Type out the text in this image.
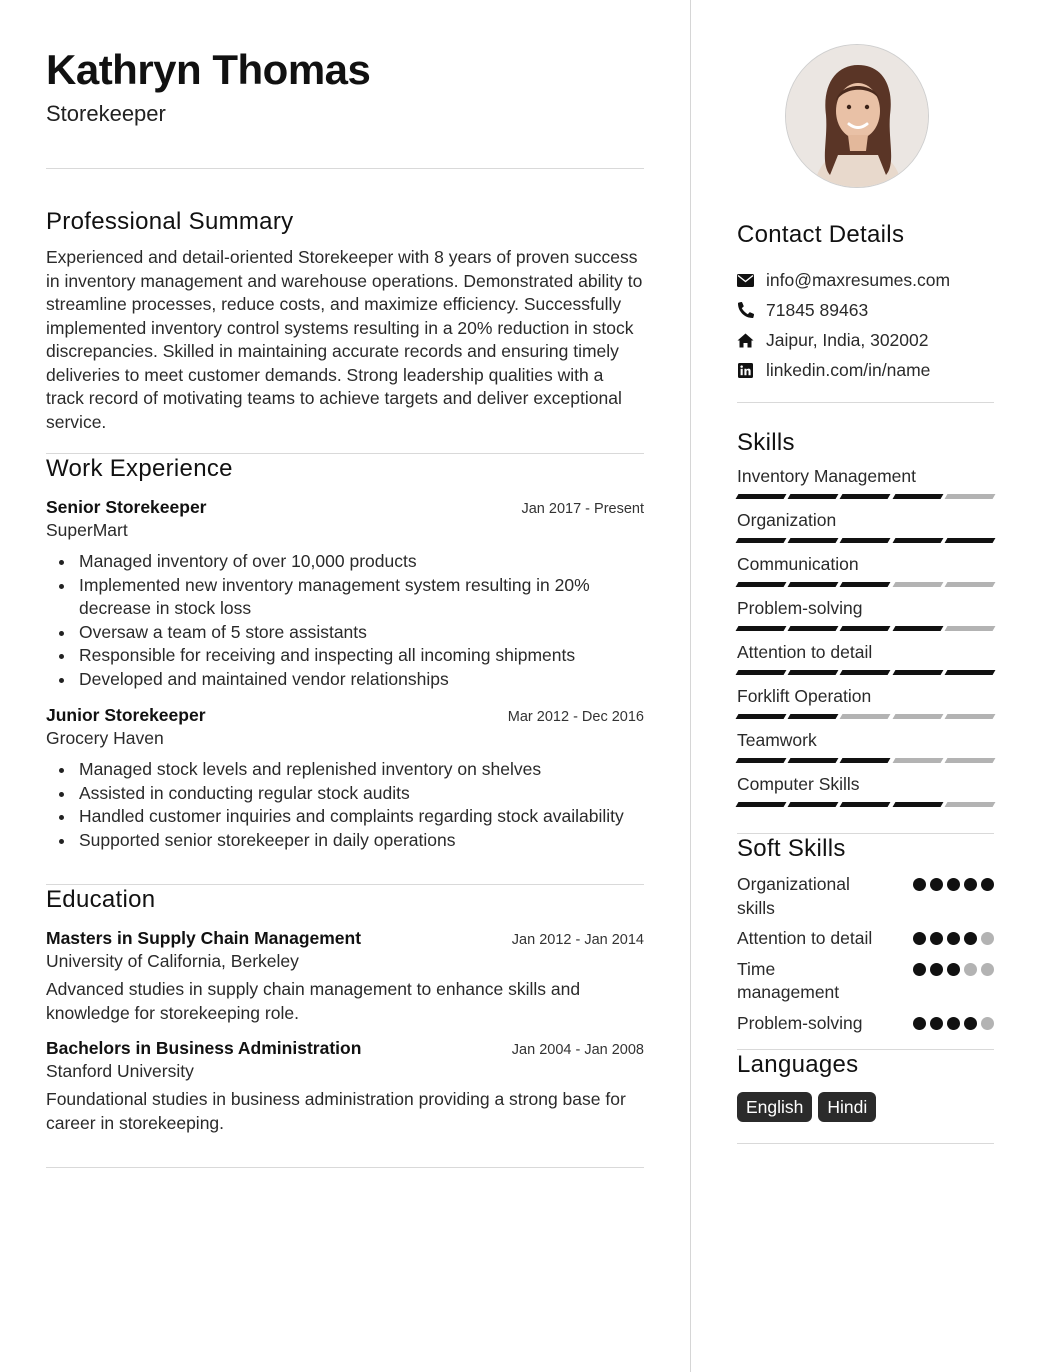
Kathryn Thomas
Storekeeper
Professional Summary

Experienced and detail-oriented Storekeeper with 8 years of proven success in inventory management and warehouse operations. Demonstrated ability to streamline processes, reduce costs, and maximize efficiency. Successfully implemented inventory control systems resulting in a 20% reduction in stock discrepancies. Skilled in maintaining accurate records and ensuring timely deliveries to meet customer demands. Strong leadership qualities with a track record of motivating teams to achieve targets and deliver exceptional service.

Work Experience
Senior Storekeeper	Jan 2017 - Present
SuperMart
Managed inventory of over 10,000 products
Implemented new inventory management system resulting in 20% decrease in stock loss
Oversaw a team of 5 store assistants
Responsible for receiving and inspecting all incoming shipments
Developed and maintained vendor relationships
Junior Storekeeper	Mar 2012 - Dec 2016
Grocery Haven
Managed stock levels and replenished inventory on shelves
Assisted in conducting regular stock audits
Handled customer inquiries and complaints regarding stock availability
Supported senior storekeeper in daily operations
Education
Masters in Supply Chain Management	Jan 2012 - Jan 2014
University of California, Berkeley

Advanced studies in supply chain management to enhance skills and knowledge for storekeeping role.

Bachelors in Business Administration	Jan 2004 - Jan 2008
Stanford University

Foundational studies in business administration providing a strong base for career in storekeeping.

Contact Details
info@maxresumes.com
71845 89463
Jaipur, India, 302002
linkedin.com/in/name
Skills
Inventory Management
Organization
Communication
Problem-solving
Attention to detail
Forklift Operation
Teamwork
Computer Skills
Soft Skills
Organizational skills
Attention to detail
Time management
Problem-solving
Languages
English	Hindi
